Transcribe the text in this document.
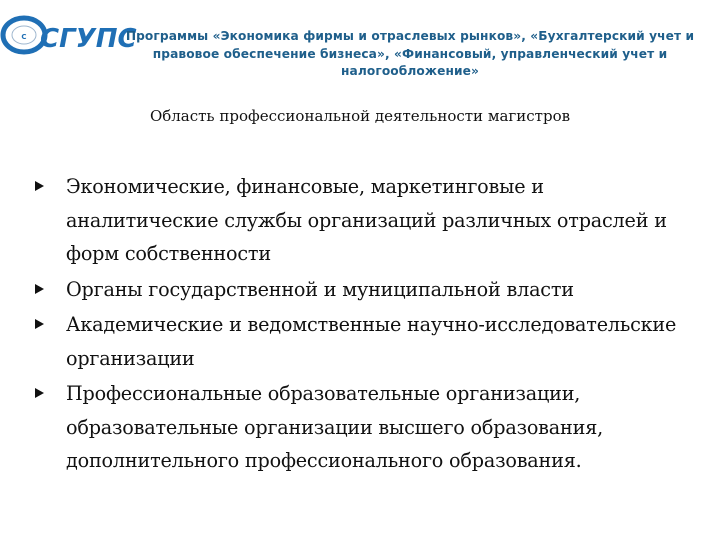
С СГУПС
Программы «Экономика фирмы и отраслевых рынков», «Бухгалтерский учет и правовое обеспечение бизнеса», «Финансовый, управленческий учет и налогообложение»
Область профессиональной деятельности магистров
Экономические, финансовые, маркетинговые и аналитические службы организаций различных отраслей и форм собственности
Органы государственной и муниципальной власти
Академические и ведомственные научно-исследовательские организации
Профессиональные образовательные организации, образовательные организации высшего образования, дополнительного профессионального образования.
